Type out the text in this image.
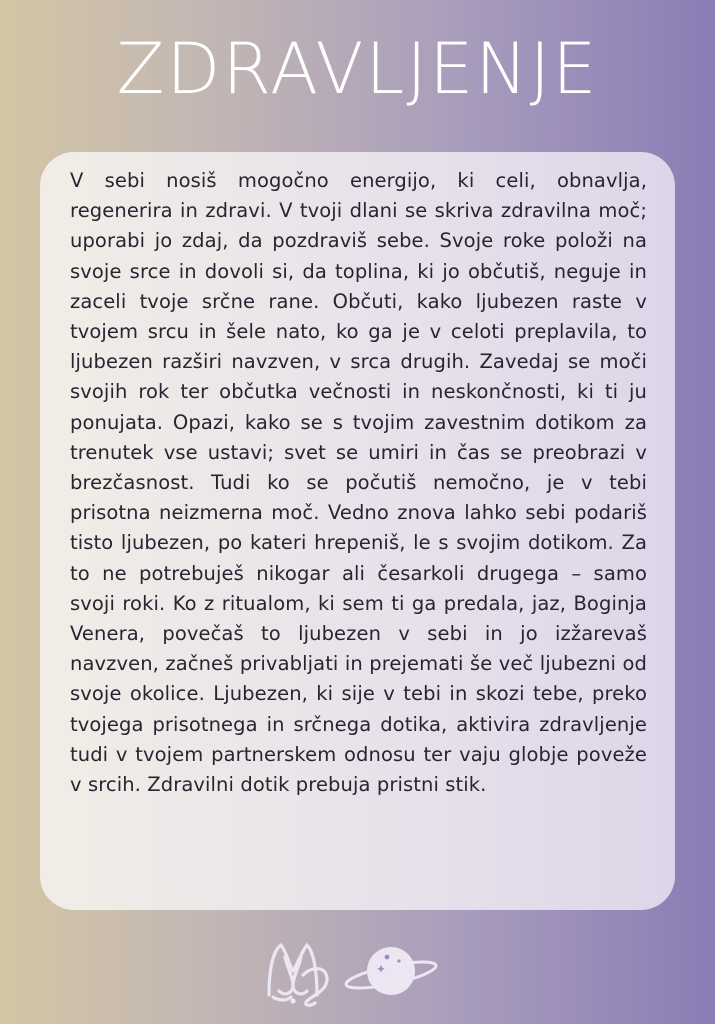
ZDRAVLJENJE

V sebi nosiš mogočno energijo, ki celi, obnavlja, regenerira in zdravi. V tvoji dlani se skriva zdravilna moč; uporabi jo zdaj, da pozdraviš sebe. Svoje roke položi na svoje srce in dovoli si, da toplina, ki jo občutiš, neguje in zaceli tvoje srčne rane. Občuti, kako ljubezen raste v tvojem srcu in šele nato, ko ga je v celoti preplavila, to ljubezen razširi navzven, v srca drugih. Zavedaj se moči svojih rok ter občutka večnosti in neskončnosti, ki ti ju ponujata. Opazi, kako se s tvojim zavestnim dotikom za trenutek vse ustavi; svet se umiri in čas se preobrazi v brezčasnost. Tudi ko se počutiš nemočno, je v tebi prisotna neizmerna moč. Vedno znova lahko sebi podariš tisto ljubezen, po kateri hrepeniš, le s svojim dotikom. Za to ne potrebuješ nikogar ali česarkoli drugega – samo svoji roki. Ko z ritualom, ki sem ti ga predala, jaz, Boginja Venera, povečaš to ljubezen v sebi in jo izžarevaš navzven, začneš privabljati in prejemati še več ljubezni od svoje okolice. Ljubezen, ki sije v tebi in skozi tebe, preko tvojega prisotnega in srčnega dotika, aktivira zdravljenje tudi v tvojem partnerskem odnosu ter vaju globje poveže v srcih. Zdravilni dotik prebuja pristni stik.
